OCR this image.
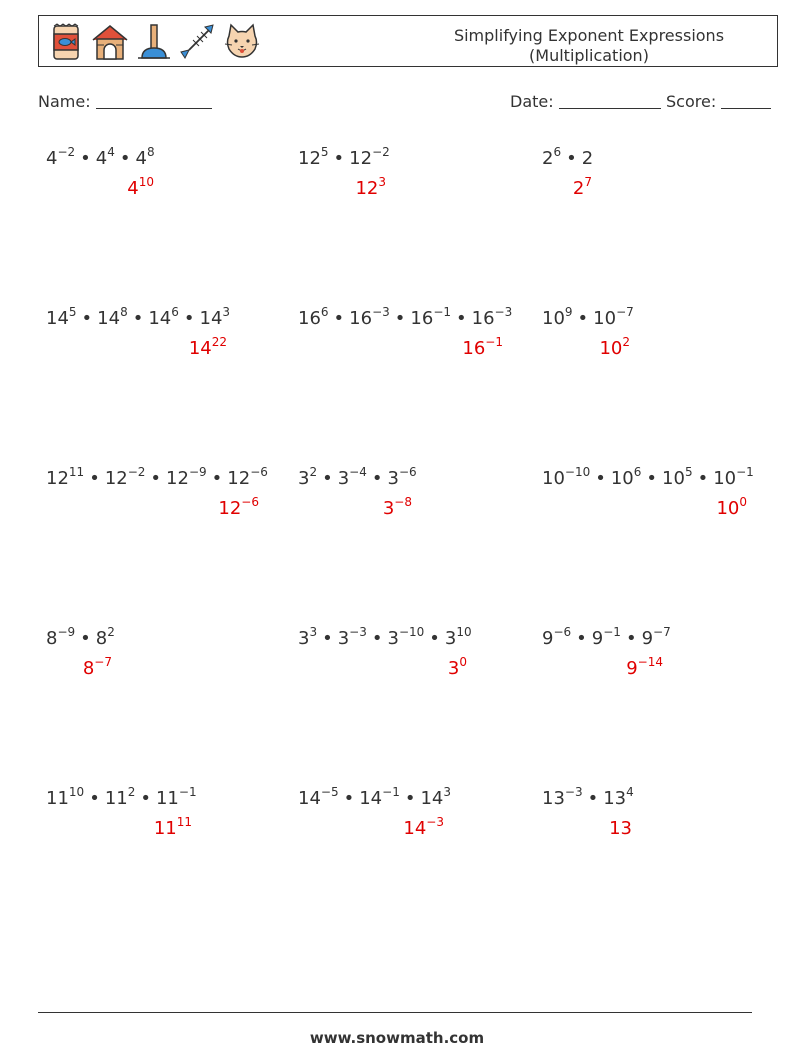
Simplifying Exponent Expressions
(Multiplication)
Name:	Date:	Score:
$4^{-2}$ • $4^4$ • $4^8$
$4^{10}$
$12^5$ • $12^{-2}$
$12^3$
$2^6$ • 2
$2^7$
$14^5$ • $14^8$ • $14^6$ • $14^3$
$14^{22}$
$16^6$ • $16^{-3}$ • $16^{-1}$ • $16^{-3}$
$16^{-1}$
$10^9$ • $10^{-7}$
$10^2$
$12^{11}$ • $12^{-2}$ • $12^{-9}$ • $12^{-6}$
$12^{-6}$
$3^2$ • $3^{-4}$ • $3^{-6}$
$3^{-8}$
$10^{-10}$ • $10^6$ • $10^5$ • $10^{-1}$
$10^0$
$8^{-9}$ • $8^2$
$8^{-7}$
$3^3$ • $3^{-3}$ • $3^{-10}$ • $3^{10}$
$3^0$
$9^{-6}$ • $9^{-1}$ • $9^{-7}$
$9^{-14}$
$11^{10}$ • $11^2$ • $11^{-1}$
$11^{11}$
$14^{-5}$ • $14^{-1}$ • $14^3$
$14^{-3}$
$13^{-3}$ • $13^4$
13
www.snowmath.com
